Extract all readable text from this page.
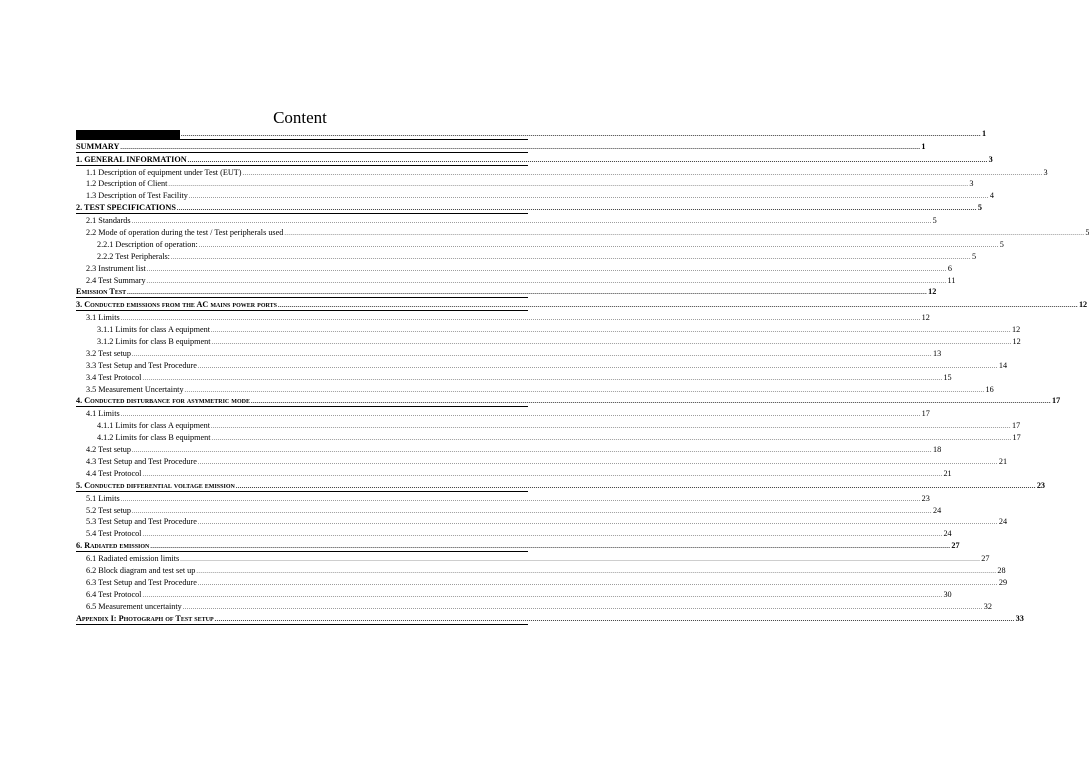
Content
................................................................................................................................................................................................................................................................................................................................................................................................................ 1
SUMMARY ................................................................................................................................................................................................................................................................................................................................................................................................................ 1
1. GENERAL INFORMATION ................................................................................................................................................................................................................................................................................................................................................................................................................ 3
1.1 Description of equipment under Test (EUT) ................................................................................................................................................................................................................................................................................................................................................................................................................ 3
1.2 Description of Client ................................................................................................................................................................................................................................................................................................................................................................................................................ 3
1.3 Description of Test Facility ................................................................................................................................................................................................................................................................................................................................................................................................................ 4
2. TEST SPECIFICATIONS ................................................................................................................................................................................................................................................................................................................................................................................................................ 5
2.1 Standards ................................................................................................................................................................................................................................................................................................................................................................................................................ 5
2.2 Mode of operation during the test / Test peripherals used ................................................................................................................................................................................................................................................................................................................................................................................................................ 5
2.2.1 Description of operation: ................................................................................................................................................................................................................................................................................................................................................................................................................ 5
2.2.2 Test Peripherals: ................................................................................................................................................................................................................................................................................................................................................................................................................ 5
2.3 Instrument list ................................................................................................................................................................................................................................................................................................................................................................................................................ 6
2.4 Test Summary ................................................................................................................................................................................................................................................................................................................................................................................................................ 11
Emission Test ................................................................................................................................................................................................................................................................................................................................................................................................................ 12
3. Conducted emissions from the AC mains power ports ................................................................................................................................................................................................................................................................................................................................................................................................................ 12
3.1 Limits ................................................................................................................................................................................................................................................................................................................................................................................................................ 12
3.1.1 Limits for class A equipment ................................................................................................................................................................................................................................................................................................................................................................................................................ 12
3.1.2 Limits for class B equipment ................................................................................................................................................................................................................................................................................................................................................................................................................ 12
3.2 Test setup ................................................................................................................................................................................................................................................................................................................................................................................................................ 13
3.3 Test Setup and Test Procedure ................................................................................................................................................................................................................................................................................................................................................................................................................ 14
3.4 Test Protocol ................................................................................................................................................................................................................................................................................................................................................................................................................ 15
3.5 Measurement Uncertainty ................................................................................................................................................................................................................................................................................................................................................................................................................ 16
4. Conducted disturbance for asymmetric mode ................................................................................................................................................................................................................................................................................................................................................................................................................ 17
4.1 Limits ................................................................................................................................................................................................................................................................................................................................................................................................................ 17
4.1.1 Limits for class A equipment ................................................................................................................................................................................................................................................................................................................................................................................................................ 17
4.1.2 Limits for class B equipment ................................................................................................................................................................................................................................................................................................................................................................................................................ 17
4.2 Test setup ................................................................................................................................................................................................................................................................................................................................................................................................................ 18
4.3 Test Setup and Test Procedure ................................................................................................................................................................................................................................................................................................................................................................................................................ 21
4.4 Test Protocol ................................................................................................................................................................................................................................................................................................................................................................................................................ 21
5. Conducted differential voltage emission ................................................................................................................................................................................................................................................................................................................................................................................................................ 23
5.1 Limits ................................................................................................................................................................................................................................................................................................................................................................................................................ 23
5.2 Test setup ................................................................................................................................................................................................................................................................................................................................................................................................................ 24
5.3 Test Setup and Test Procedure ................................................................................................................................................................................................................................................................................................................................................................................................................ 24
5.4 Test Protocol ................................................................................................................................................................................................................................................................................................................................................................................................................ 24
6. Radiated emission ................................................................................................................................................................................................................................................................................................................................................................................................................ 27
6.1 Radiated emission limits ................................................................................................................................................................................................................................................................................................................................................................................................................ 27
6.2 Block diagram and test set up ................................................................................................................................................................................................................................................................................................................................................................................................................ 28
6.3 Test Setup and Test Procedure ................................................................................................................................................................................................................................................................................................................................................................................................................ 29
6.4 Test Protocol ................................................................................................................................................................................................................................................................................................................................................................................................................ 30
6.5 Measurement uncertainty ................................................................................................................................................................................................................................................................................................................................................................................................................ 32
Appendix I: Photograph of Test setup ................................................................................................................................................................................................................................................................................................................................................................................................................ 33
